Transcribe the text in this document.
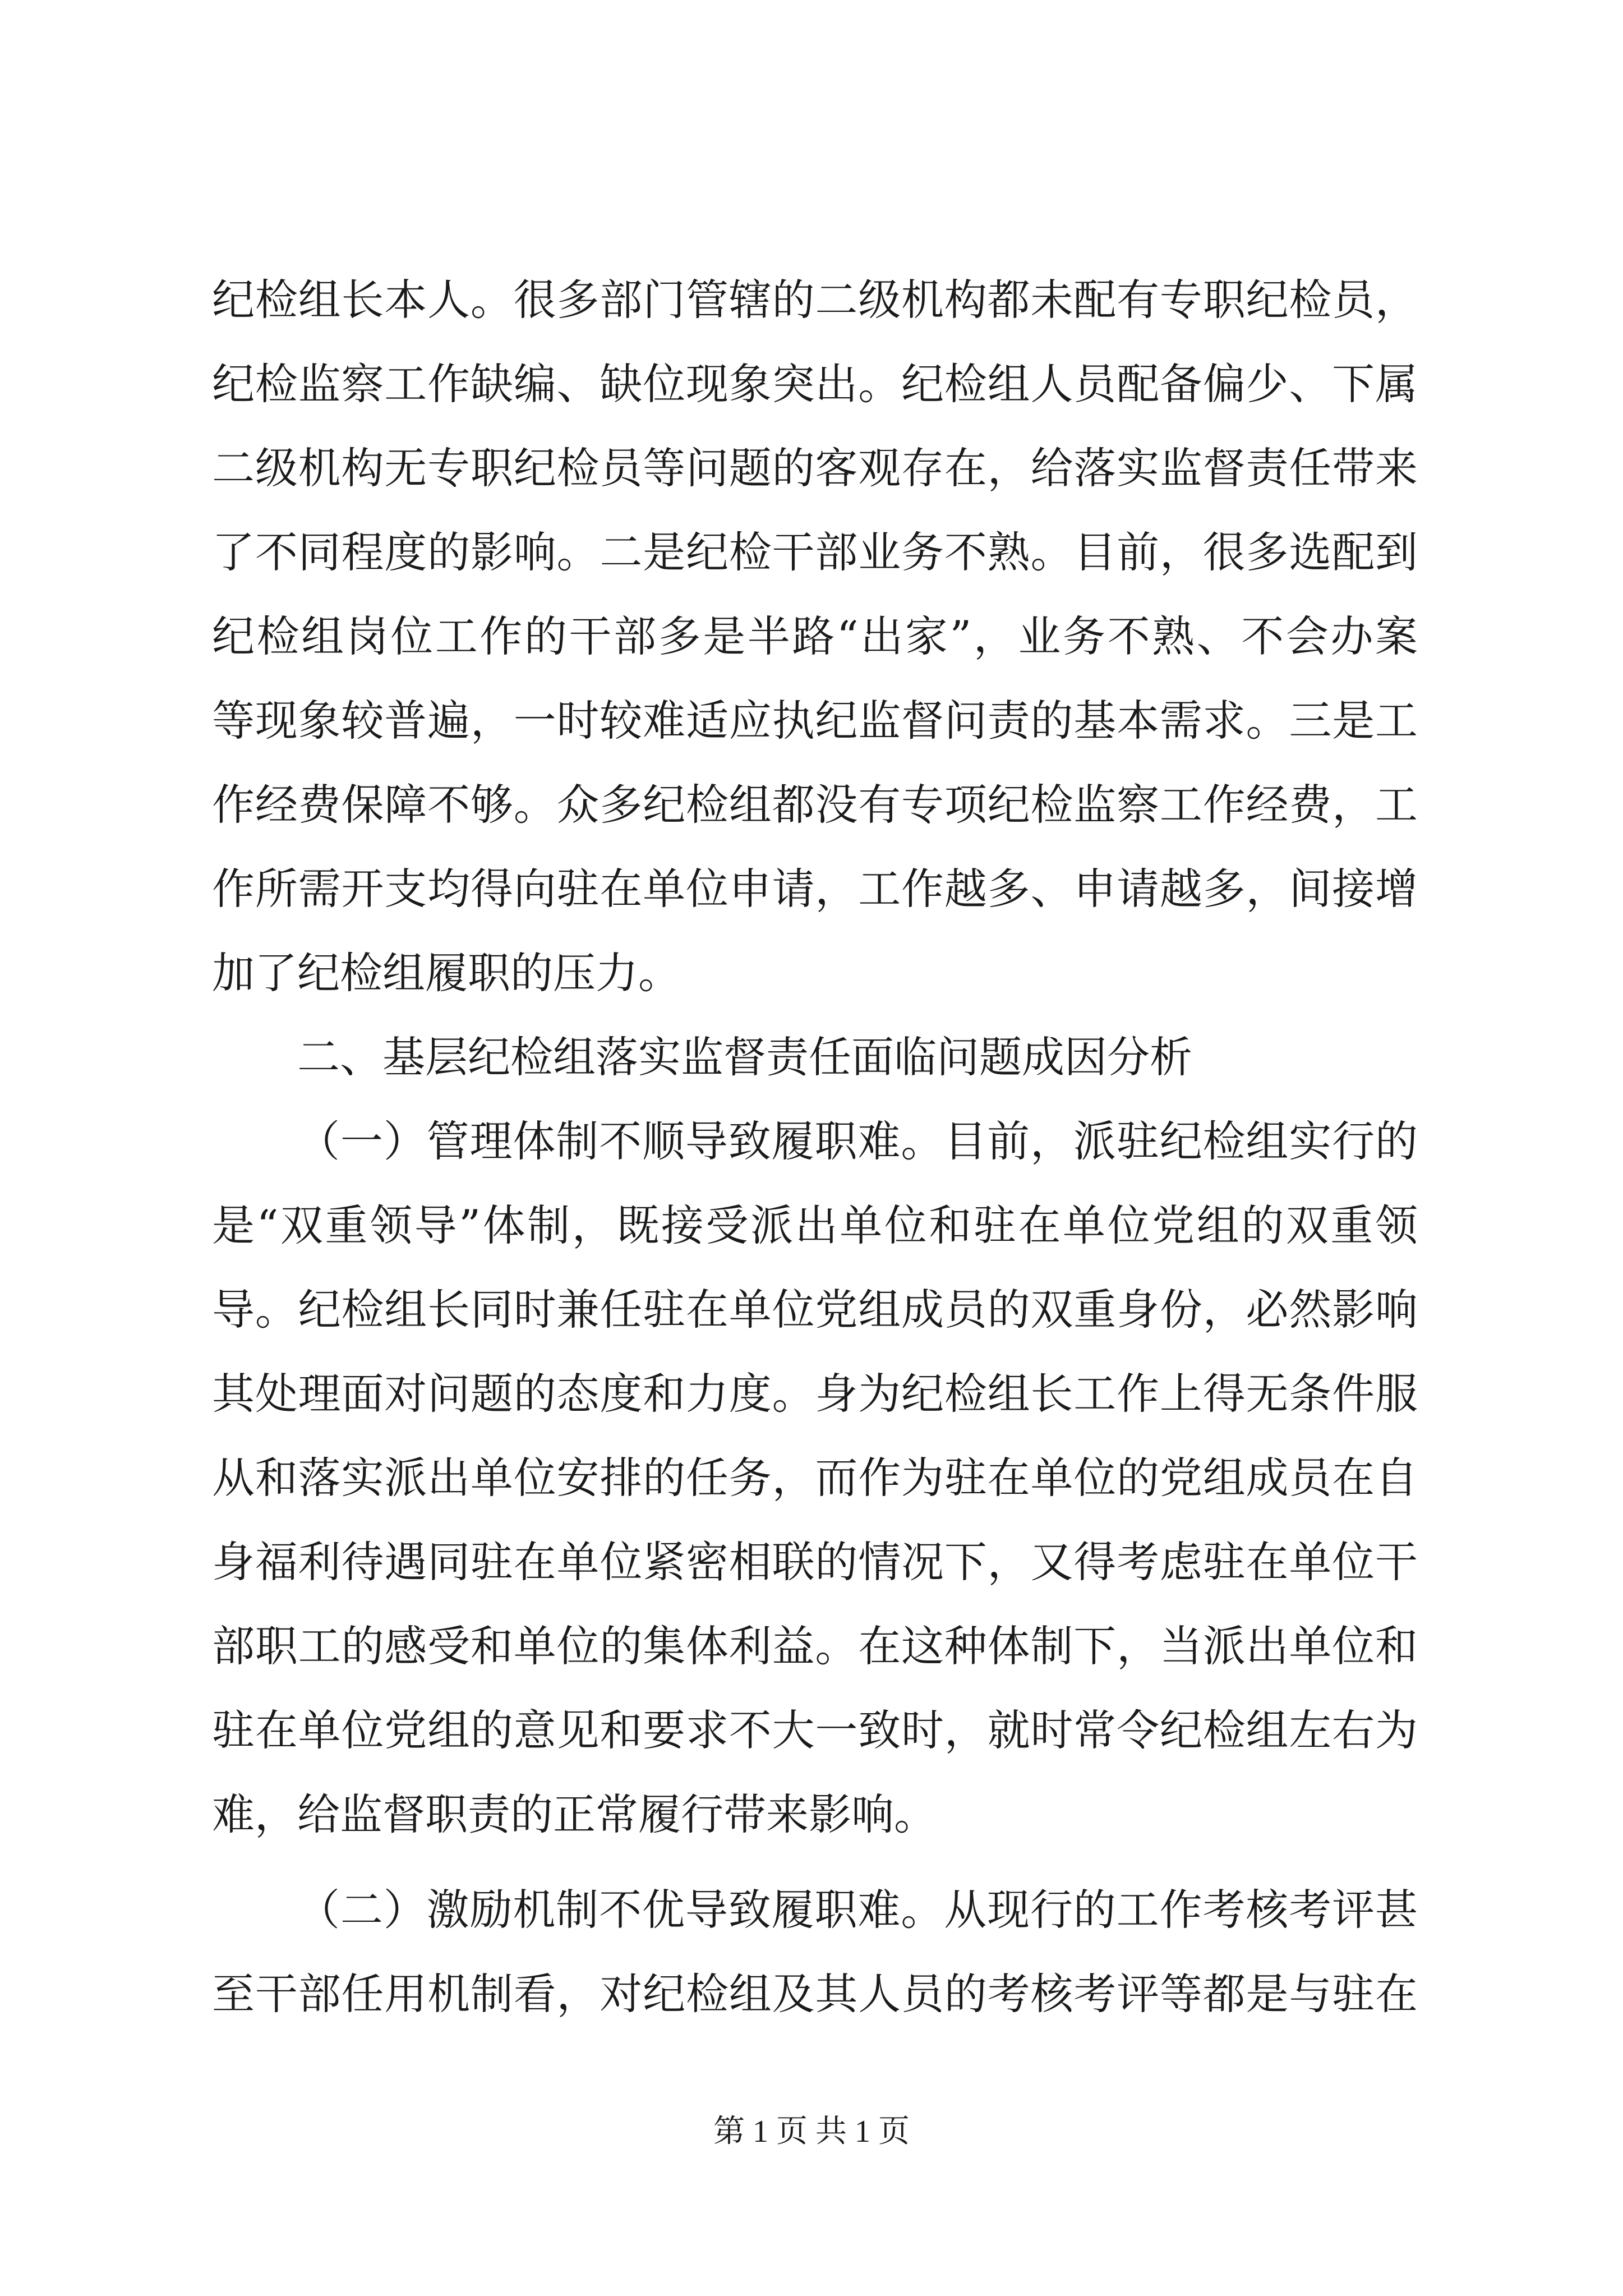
纪检组长本人。很多部门管辖的二级机构都未配有专职纪检员，
纪检监察工作缺编、缺位现象突出。纪检组人员配备偏少、下属
二级机构无专职纪检员等问题的客观存在，给落实监督责任带来
了不同程度的影响。二是纪检干部业务不熟。目前，很多选配到
纪检组岗位工作的干部多是半路“出家”，业务不熟、不会办案
等现象较普遍，一时较难适应执纪监督问责的基本需求。三是工
作经费保障不够。众多纪检组都没有专项纪检监察工作经费，工
作所需开支均得向驻在单位申请，工作越多、申请越多，间接增
加了纪检组履职的压力。
二、基层纪检组落实监督责任面临问题成因分析
（一）管理体制不顺导致履职难。目前，派驻纪检组实行的
是“双重领导”体制，既接受派出单位和驻在单位党组的双重领
导。纪检组长同时兼任驻在单位党组成员的双重身份，必然影响
其处理面对问题的态度和力度。身为纪检组长工作上得无条件服
从和落实派出单位安排的任务，而作为驻在单位的党组成员在自
身福利待遇同驻在单位紧密相联的情况下，又得考虑驻在单位干
部职工的感受和单位的集体利益。在这种体制下，当派出单位和
驻在单位党组的意见和要求不大一致时，就时常令纪检组左右为
难，给监督职责的正常履行带来影响。
（二）激励机制不优导致履职难。从现行的工作考核考评甚
至干部任用机制看，对纪检组及其人员的考核考评等都是与驻在
第 1 页 共 1 页
